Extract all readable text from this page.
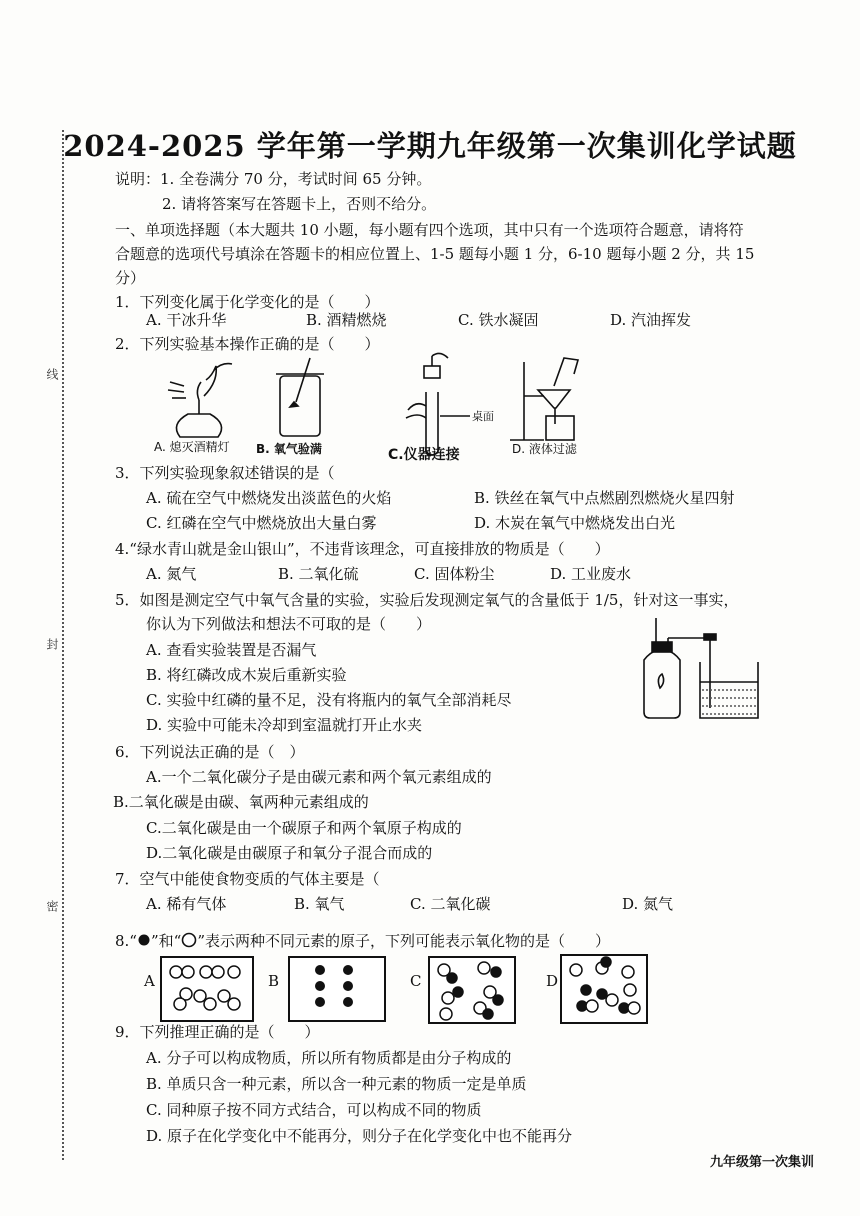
线
封
密
2024-2025 学年第一学期九年级第一次集训化学试题
说明：1. 全卷满分 70 分，考试时间 65 分钟。
2. 请将答案写在答题卡上，否则不给分。
一、单项选择题（本大题共 10 小题，每小题有四个选项，其中只有一个选项符合题意，请将符
合题意的选项代号填涂在答题卡的相应位置上、1-5 题每小题 1 分，6-10 题每小题 2 分，共 15
分）
1．下列变化属于化学变化的是（　　）
A. 干冰升华	B. 酒精燃烧	C. 铁水凝固	D. 汽油挥发
2．下列实验基本操作正确的是（　　）
A. 熄灭酒精灯 B. 氧气验满	C.仪器连接
桌面
D. 液体过滤
3．下列实验现象叙述错误的是（
A. 硫在空气中燃烧发出淡蓝色的火焰	B. 铁丝在氧气中点燃剧烈燃烧火星四射
C. 红磷在空气中燃烧放出大量白雾	D. 木炭在氧气中燃烧发出白光
4.“绿水青山就是金山银山”，不违背该理念，可直接排放的物质是（　　）
A. 氮气	B. 二氧化硫	C. 固体粉尘	D. 工业废水
5．如图是测定空气中氧气含量的实验，实验后发现测定氧气的含量低于 1/5，针对这一事实，
你认为下列做法和想法不可取的是（　　）
A. 查看实验装置是否漏气
B. 将红磷改成木炭后重新实验
C. 实验中红磷的量不足，没有将瓶内的氧气全部消耗尽
D. 实验中可能未冷却到室温就打开止水夹
6．下列说法正确的是（　）
A.一个二氧化碳分子是由碳元素和两个氧元素组成的
B.二氧化碳是由碳、氧两种元素组成的
C.二氧化碳是由一个碳原子和两个氧原子构成的
D.二氧化碳是由碳原子和氧分子混合而成的
7．空气中能使食物变质的气体主要是（
A. 稀有气体	B. 氧气	C. 二氧化碳	D. 氮气
8.“ ”和“ ”表示两种不同元素的原子，下列可能表示氧化物的是（　　）
A	B	C	D
9．下列推理正确的是（　　）
A. 分子可以构成物质，所以所有物质都是由分子构成的
B. 单质只含一种元素，所以含一种元素的物质一定是单质
C. 同种原子按不同方式结合，可以构成不同的物质
D. 原子在化学变化中不能再分，则分子在化学变化中也不能再分
九年级第一次集训
